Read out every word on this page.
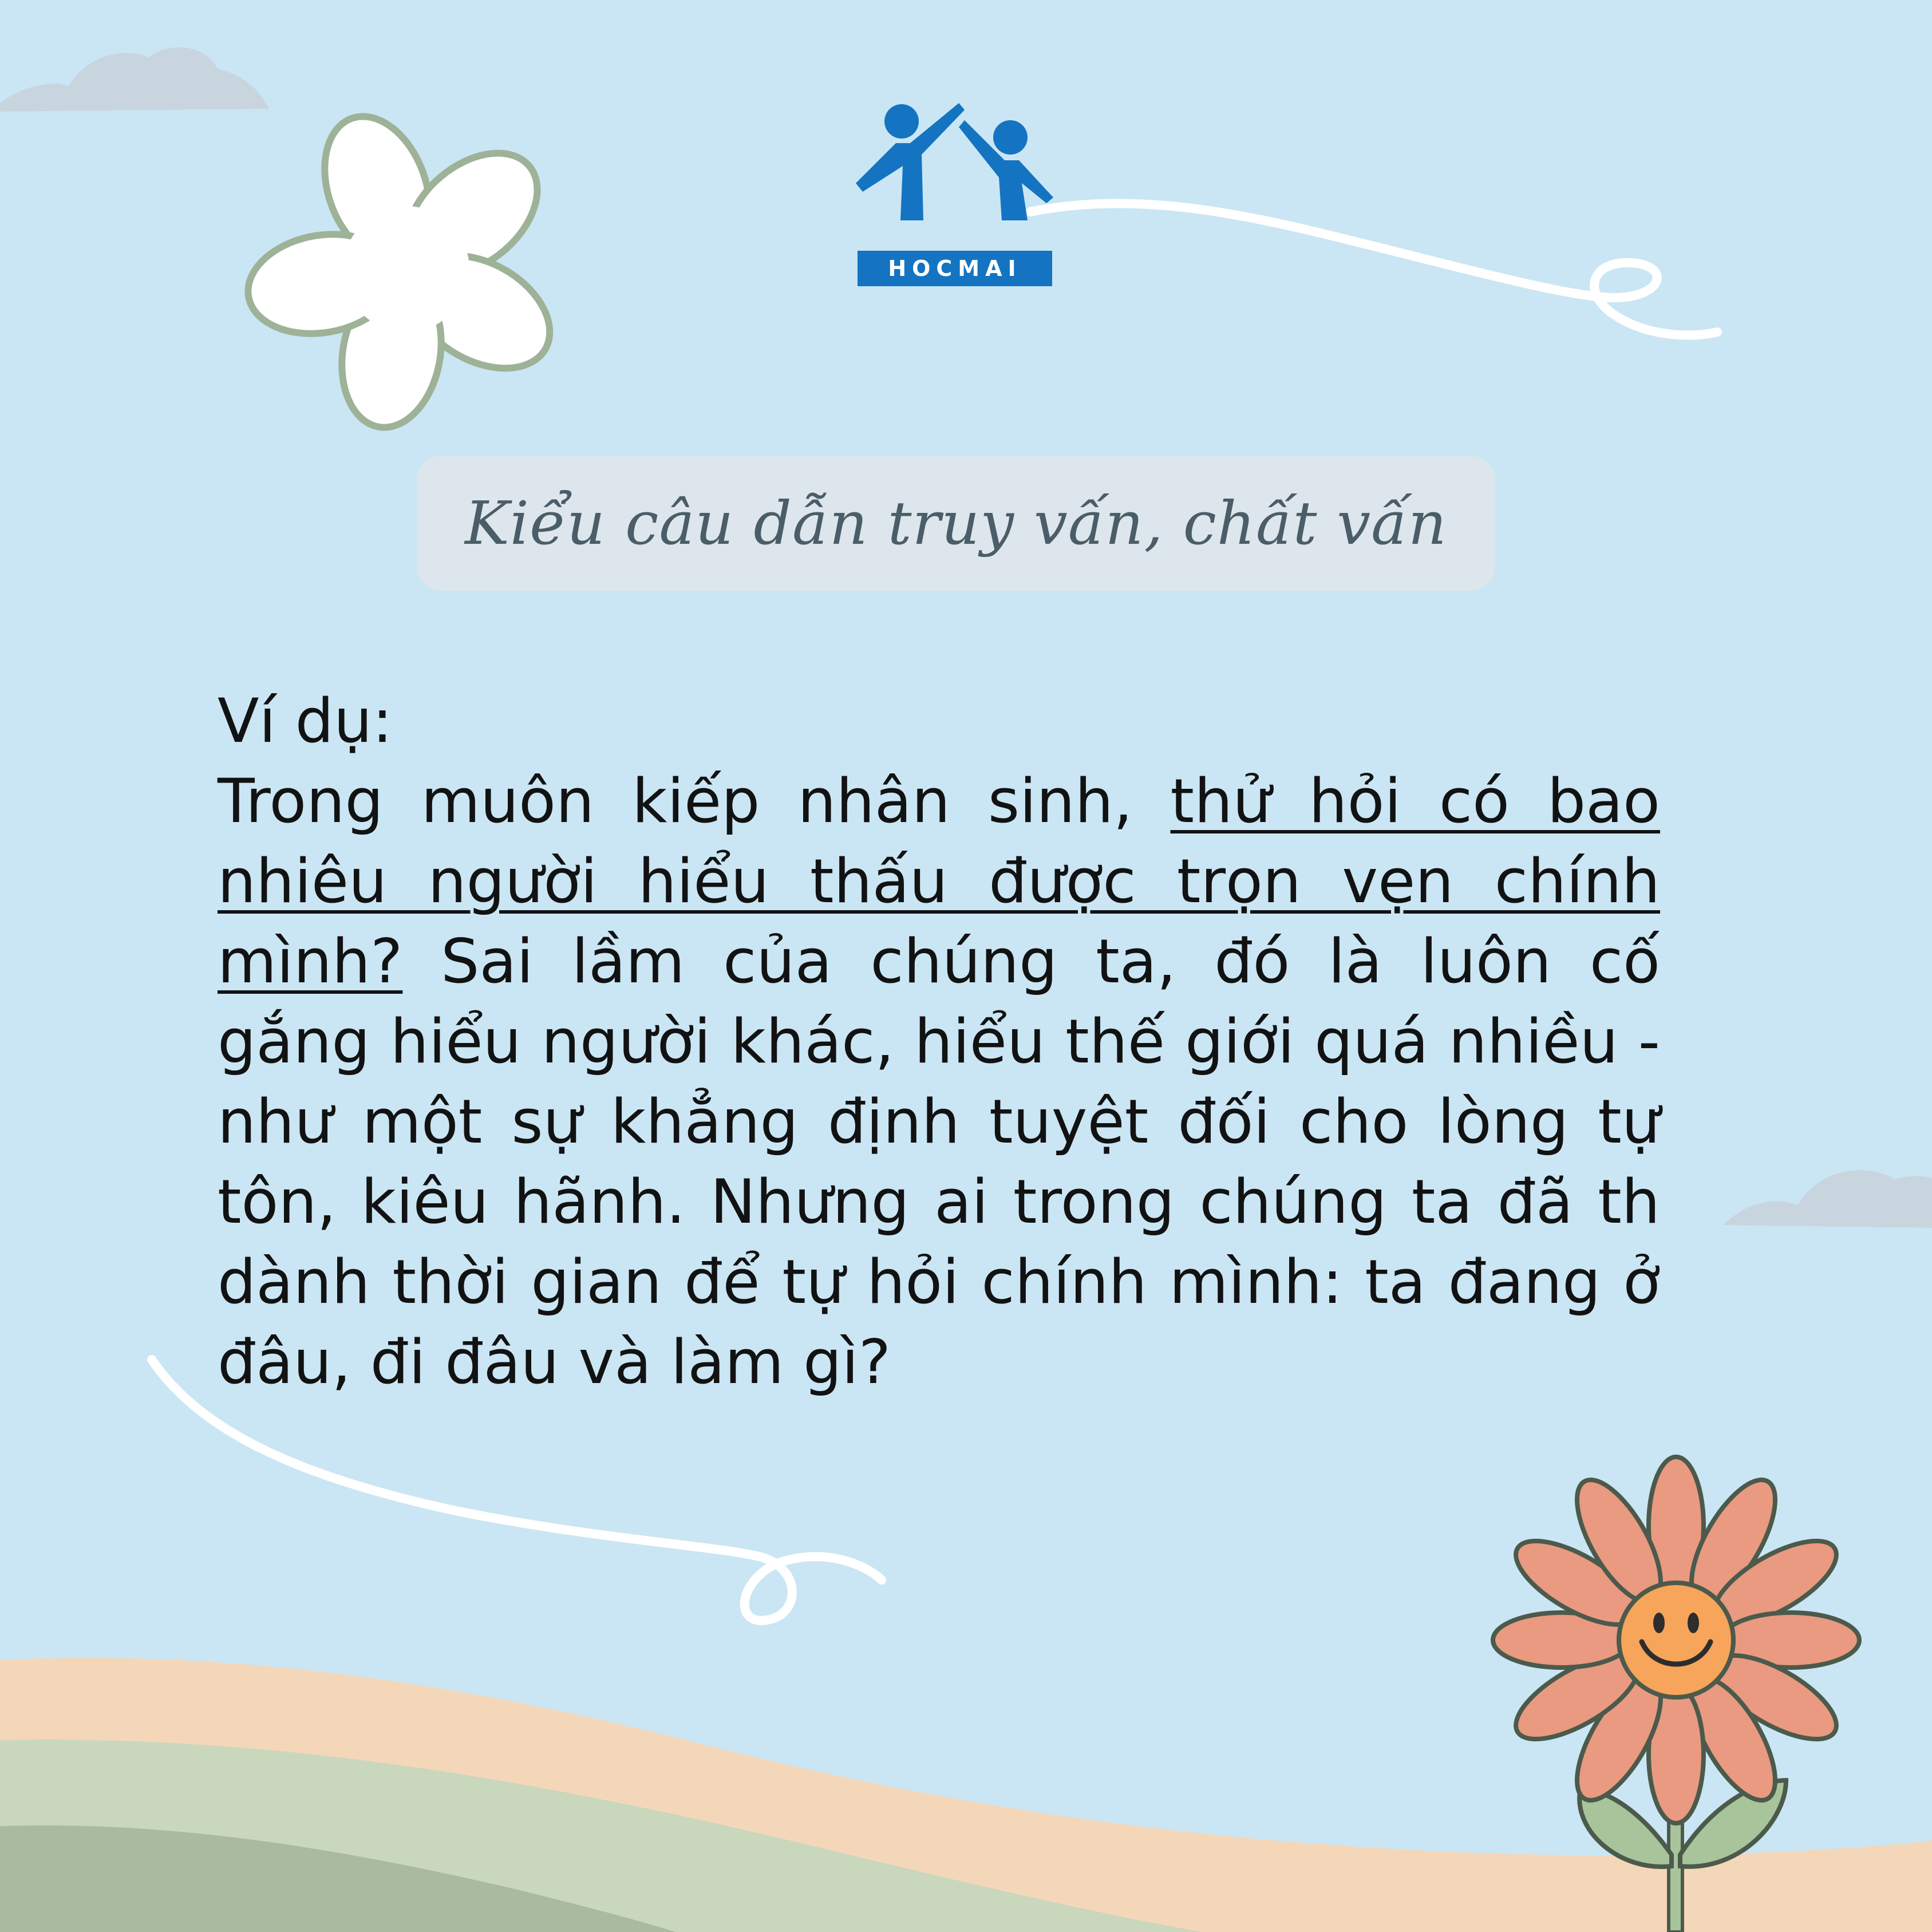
HOCMAI
Kiểu câu dẫn truy vấn, chất vấn
Ví dụ:
Trong muôn kiếp nhân sinh, thử hỏi có bao nhiêu người hiểu thấu được trọn vẹn chính mình? Sai lầm của chúng ta, đó là luôn cố gắng hiểu người khác, hiểu thế giới quá nhiều - như một sự khẳng định tuyệt đối cho lòng tự tôn, kiêu hãnh. Nhưng ai trong chúng ta đã th dành thời gian để tự hỏi chính mình: ta đang ở đâu, đi đâu và làm gì?
